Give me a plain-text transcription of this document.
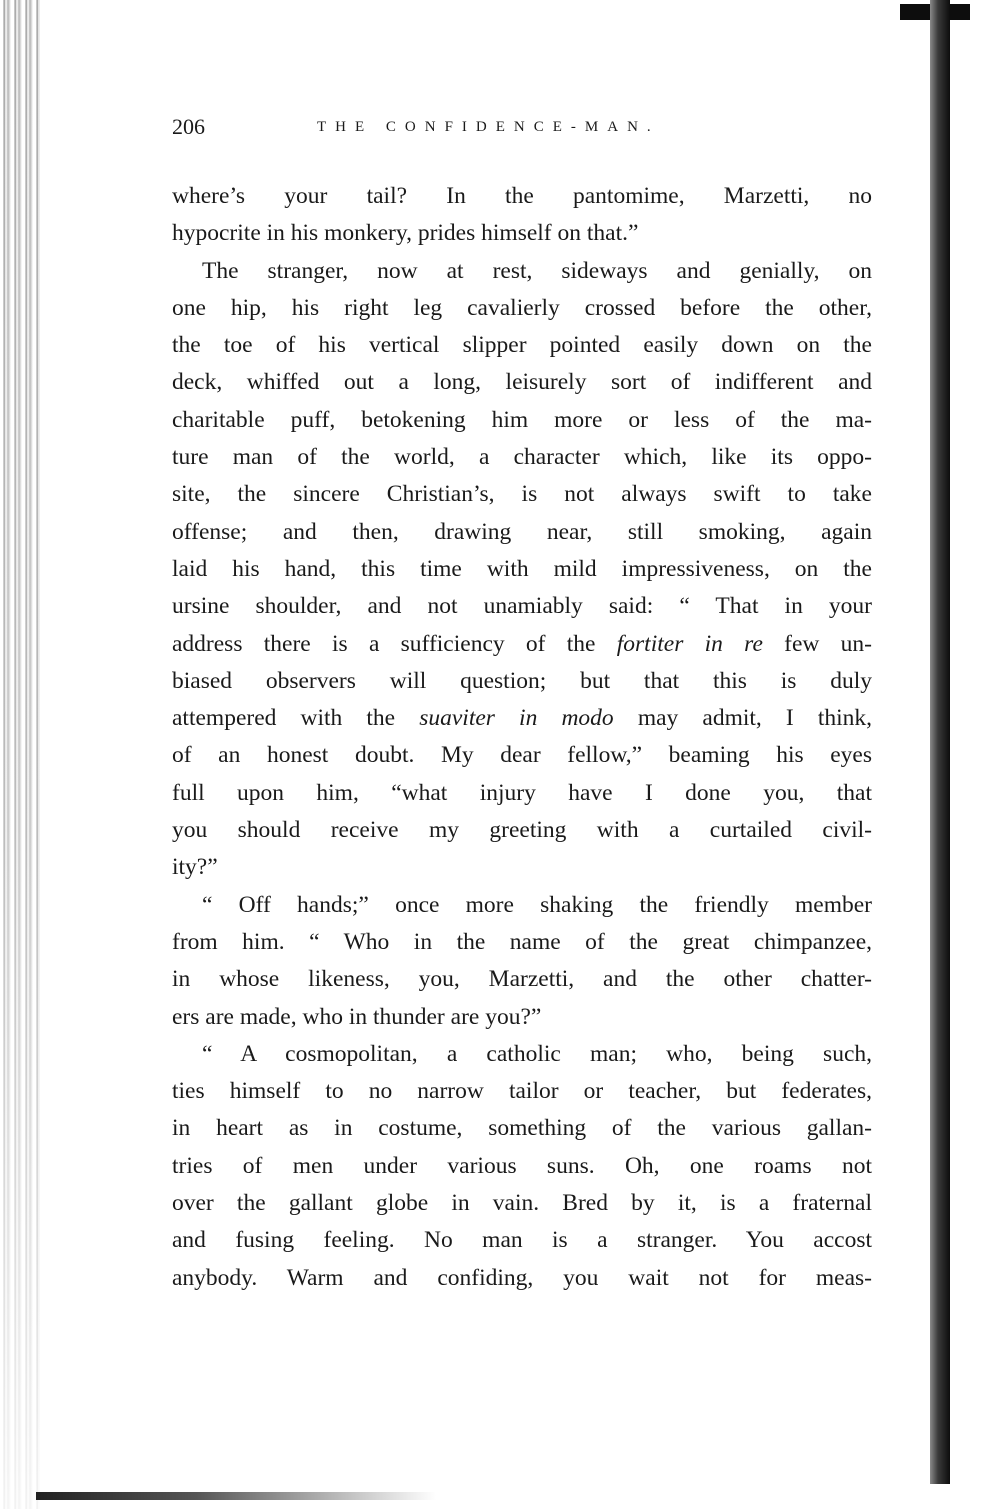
206	THE CONFIDENCE-MAN.
where’s your tail? In the pantomime, Marzetti, no
hypocrite in his monkery, prides himself on that.”
The stranger, now at rest, sideways and genially, on
one hip, his right leg cavalierly crossed before the other,
the toe of his vertical slipper pointed easily down on the
deck, whiffed out a long, leisurely sort of indifferent and
charitable puff, betokening him more or less of the ma-
ture man of the world, a character which, like its oppo-
site, the sincere Christian’s, is not always swift to take
offense; and then, drawing near, still smoking, again
laid his hand, this time with mild impressiveness, on the
ursine shoulder, and not unamiably said: “ That in your
address there is a sufficiency of the fortiter in re few un-
biased observers will question; but that this is duly
attempered with the suaviter in modo may admit, I think,
of an honest doubt. My dear fellow,” beaming his eyes
full upon him, “what injury have I done you, that
you should receive my greeting with a curtailed civil-
ity?”
“ Off hands;” once more shaking the friendly member
from him. “ Who in the name of the great chimpanzee,
in whose likeness, you, Marzetti, and the other chatter-
ers are made, who in thunder are you?”
“ A cosmopolitan, a catholic man; who, being such,
ties himself to no narrow tailor or teacher, but federates,
in heart as in costume, something of the various gallan-
tries of men under various suns. Oh, one roams not
over the gallant globe in vain. Bred by it, is a fraternal
and fusing feeling. No man is a stranger. You accost
anybody. Warm and confiding, you wait not for meas-
